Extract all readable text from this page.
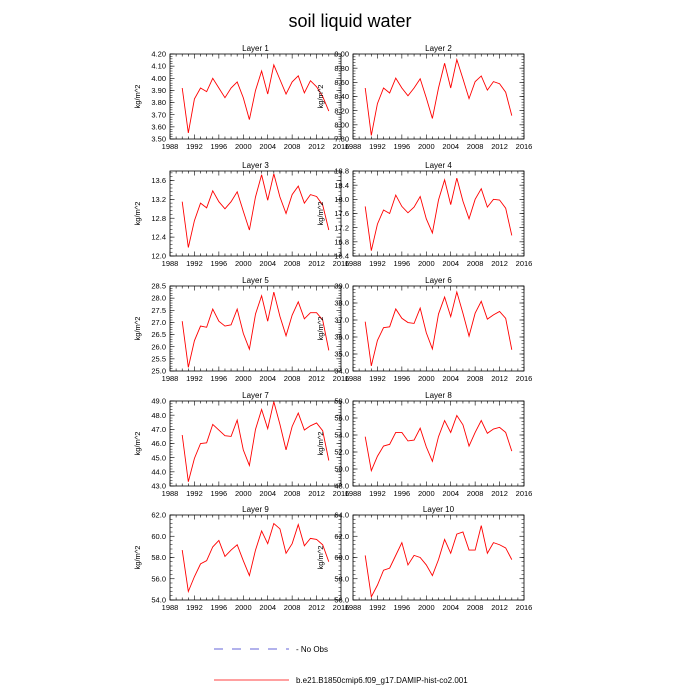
soil liquid water
Layer 1
kg/m^2
1988 1992 1996 2000 2004 2008 2012 2016
3.50
3.60
3.70
3.80
3.90
4.00
4.10
4.20
Layer 2
kg/m^2
1988 1992 1996 2000 2004 2008 2012 2016
7.80
8.00
8.20
8.40
8.60
8.80
9.00
Layer 3
kg/m^2
1988 1992 1996 2000 2004 2008 2012 2016
12.0
12.4
12.8
13.2
13.6
Layer 4
kg/m^2
1988 1992 1996 2000 2004 2008 2012 2016
16.4
16.8
17.2
17.6
18.0
18.4
18.8
Layer 5
kg/m^2
1988 1992 1996 2000 2004 2008 2012 2016
25.0
25.5
26.0
26.5
27.0
27.5
28.0
28.5
Layer 6
kg/m^2
1988 1992 1996 2000 2004 2008 2012 2016
34.0
35.0
36.0
37.0
38.0
39.0
Layer 7
kg/m^2
1988 1992 1996 2000 2004 2008 2012 2016
43.0
44.0
45.0
46.0
47.0
48.0
49.0
Layer 8
kg/m^2
1988 1992 1996 2000 2004 2008 2012 2016
48.0
50.0
52.0
54.0
56.0
58.0
Layer 9
kg/m^2
1988 1992 1996 2000 2004 2008 2012 2016
54.0
56.0
58.0
60.0
62.0
Layer 10
kg/m^2
1988 1992 1996 2000 2004 2008 2012 2016
56.0
58.0
60.0
62.0
64.0
- No Obs
b.e21.B1850cmip6.f09_g17.DAMIP-hist-co2.001
